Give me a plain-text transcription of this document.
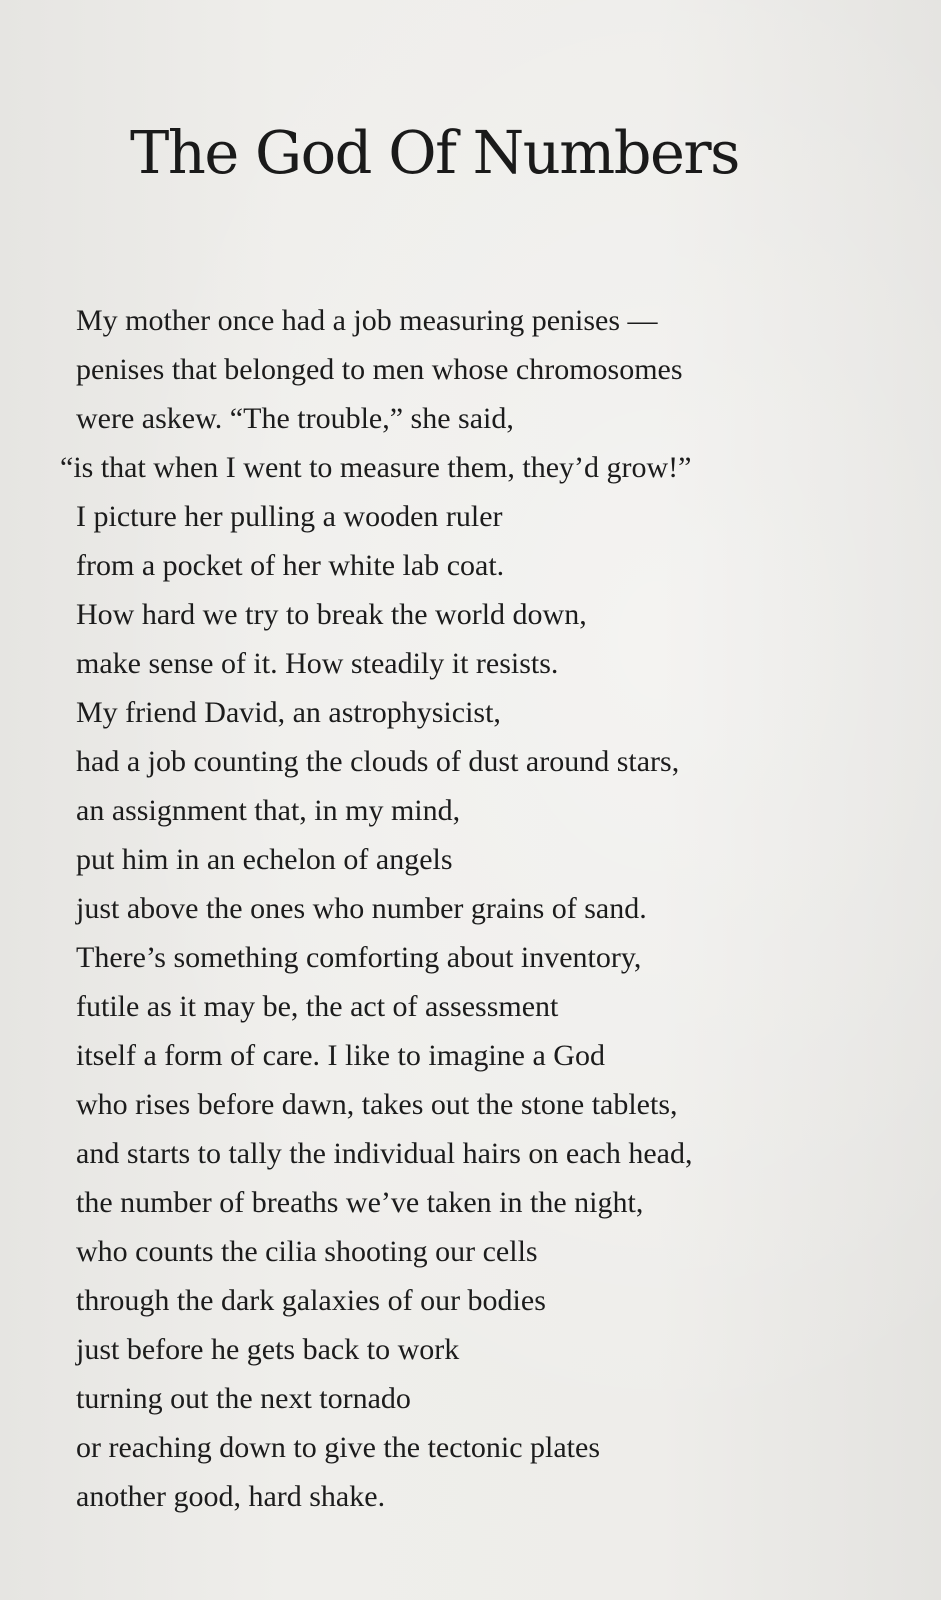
The God Of Numbers
My mother once had a job measuring penises —
penises that belonged to men whose chromosomes
were askew. “The trouble,” she said,
“is that when I went to measure them, they’d grow!”
I picture her pulling a wooden ruler
from a pocket of her white lab coat.
How hard we try to break the world down,
make sense of it. How steadily it resists.
My friend David, an astrophysicist,
had a job counting the clouds of dust around stars,
an assignment that, in my mind,
put him in an echelon of angels
just above the ones who number grains of sand.
There’s something comforting about inventory,
futile as it may be, the act of assessment
itself a form of care. I like to imagine a God
who rises before dawn, takes out the stone tablets,
and starts to tally the individual hairs on each head,
the number of breaths we’ve taken in the night,
who counts the cilia shooting our cells
through the dark galaxies of our bodies
just before he gets back to work
turning out the next tornado
or reaching down to give the tectonic plates
another good, hard shake.
